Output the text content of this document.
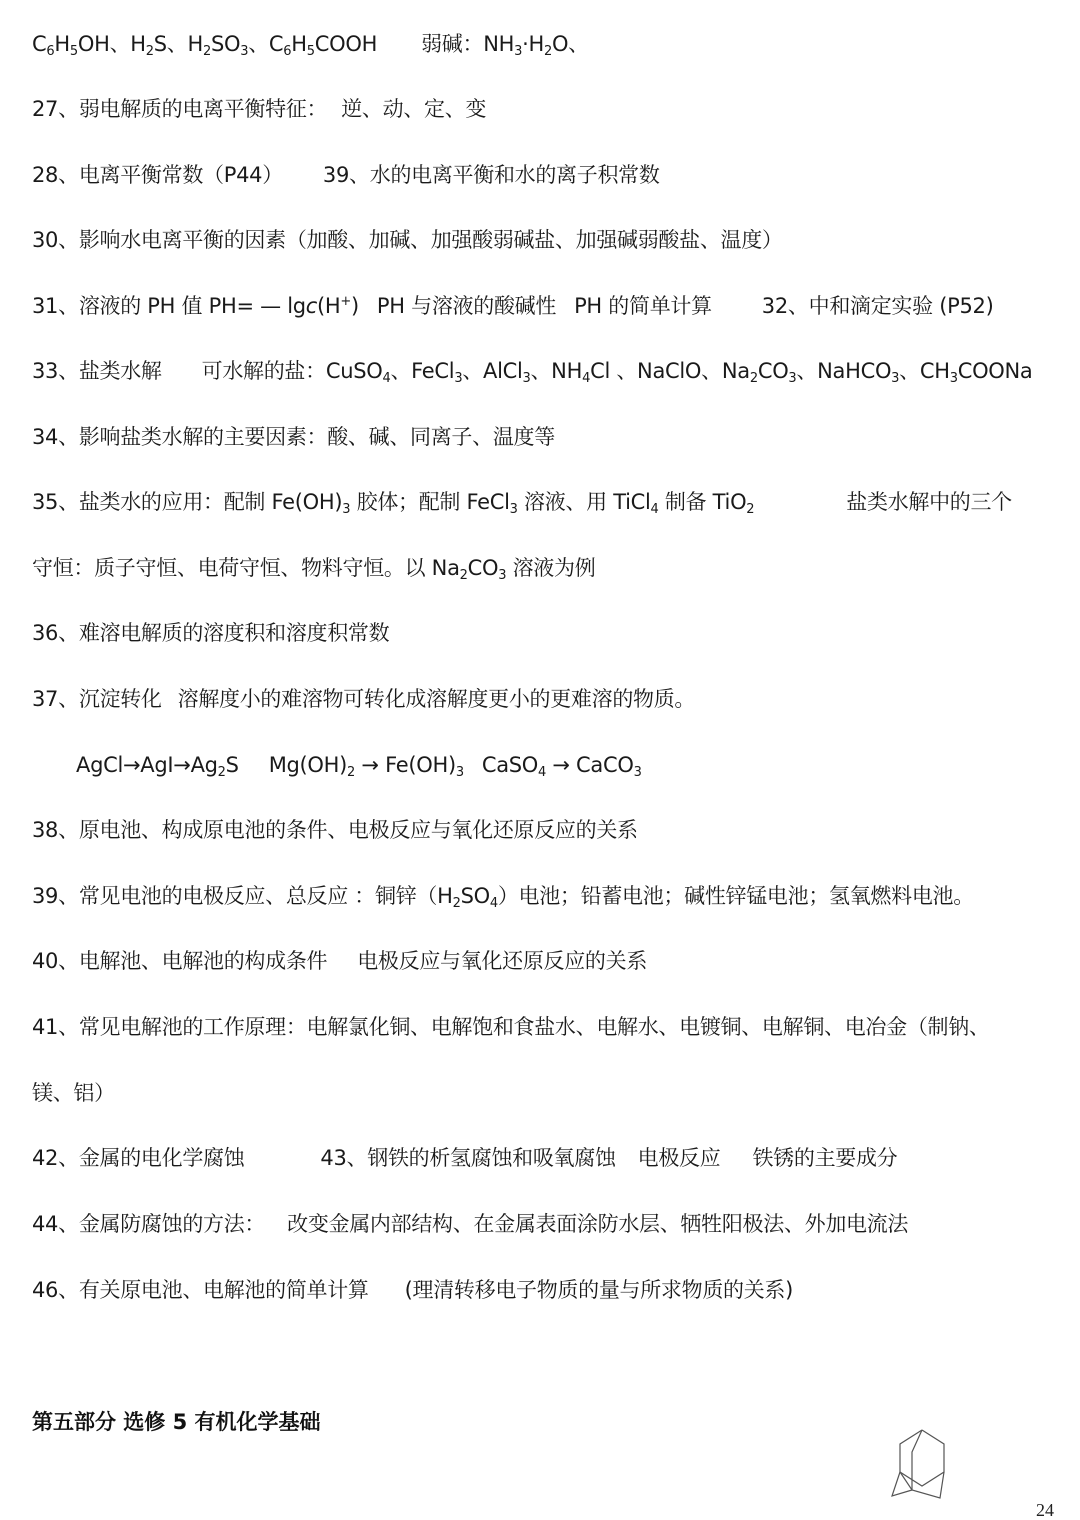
$C_6H_5OH$、$H_2S$、$H_2SO_3$、$C_6H_5COOH$ 弱碱：$NH_3\cdot H_2O$、
27、弱电解质的电离平衡特征： 逆、动、定、变
28、电离平衡常数（P44） 39、水的电离平衡和水的离子积常数
30、影响水电离平衡的因素（加酸、加碱、加强酸弱碱盐、加强碱弱酸盐、温度）
31、溶液的 PH 值 PH= — lgc(H+) PH 与溶液的酸碱性 PH 的简单计算 32、中和滴定实验 (P52)
33、盐类水解 可水解的盐：CuSO$_4$、FeCl$_3$、AlCl$_3$、$NH_4Cl$ 、NaClO、$Na_2CO_3$、NaHCO$_3$、$CH_3COONa$
34、影响盐类水解的主要因素：酸、碱、同离子、温度等
35、盐类水的应用：配制 $Fe(OH)_3$ 胶体；配制 FeCl$_3$ 溶液、用 TiCl$_4$ 制备 TiO$_2$	盐类水解中的三个
守恒：质子守恒、电荷守恒、物料守恒。以 $Na_2CO_3$ 溶液为例
36、难溶电解质的溶度积和溶度积常数
37、沉淀转化 溶解度小的难溶物可转化成溶解度更小的更难溶的物质。
$AgCl\to AgI\to Ag_2S$ $Mg(OH)_2 \to Fe(OH)_3$ CaSO$_4$ → CaCO$_3$
38、原电池、构成原电池的条件、电极反应与氧化还原反应的关系
39、常见电池的电极反应、总反应 ：铜锌$(H_2SO_4)$电池；铅蓄电池；碱性锌锰电池；氢氧燃料电池。
40、电解池、电解池的构成条件 电极反应与氧化还原反应的关系
41、常见电解池的工作原理：电解氯化铜、电解饱和食盐水、电解水、电镀铜、电解铜、电冶金（制钠、
镁、铝）
42、金属的电化学腐蚀	43、钢铁的析氢腐蚀和吸氧腐蚀 电极反应 铁锈的主要成分
44、金属防腐蚀的方法： 改变金属内部结构、在金属表面涂防水层、牺牲阳极法、外加电流法
46、有关原电池、电解池的简单计算 (理清转移电子物质的量与所求物质的关系)
第五部分 选修 5 有机化学基础
24
